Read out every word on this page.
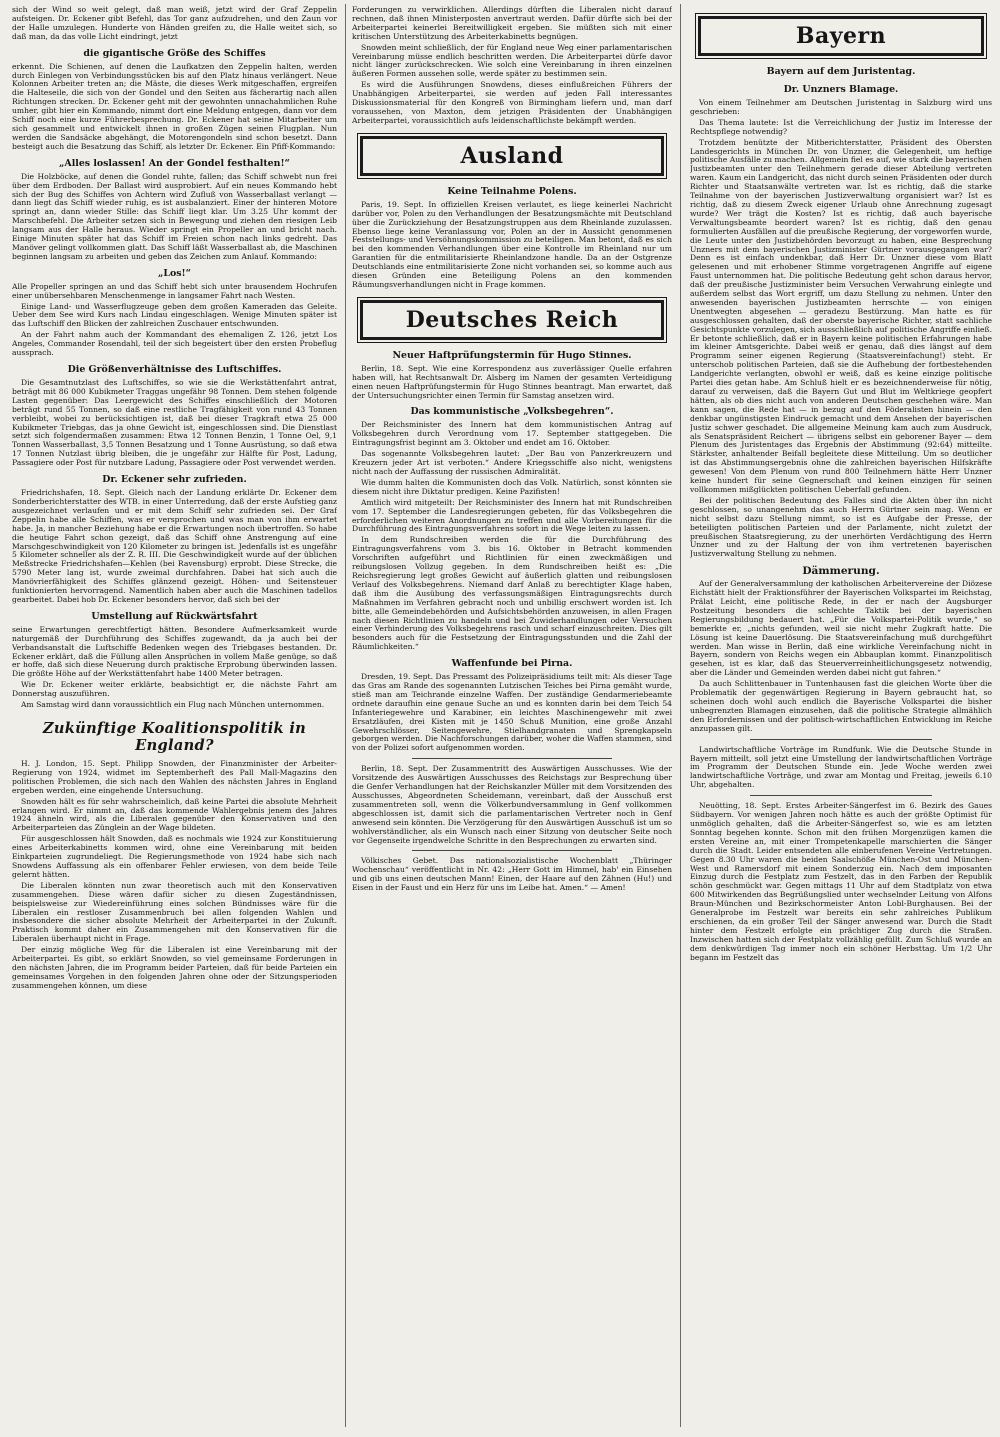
sich der Wind so weit gelegt, daß man weiß, jetzt wird der Graf Zeppelin aufsteigen. Dr. Eckener gibt Befehl, das Tor ganz aufzudrehen, und den Zaun vor der Halle umzulegen. Hunderte von Händen greifen zu, die Halle weitet sich, so daß man, da das volle Licht eindringt, jetzt

die gigantische Größe des Schiffes

erkennt. Die Schienen, auf denen die Laufkatzen den Zeppelin halten, werden durch Einlegen von Verbindungsstücken bis auf den Platz hinaus verlängert. Neue Kolonnen Arbeiter treten an; die Mäste, die dieses Werk mitgeschaffen, ergreifen die Halteseile, die sich von der Gondel und den Seiten aus fächerartig nach allen Richtungen strecken. Dr. Eckener geht mit der gewohnten unnachahmlichen Ruhe umher, gibt hier ein Kommando, nimmt dort eine Meldung entgegen, dann vor dem Schiff noch eine kurze Führerbesprechung. Dr. Eckener hat seine Mitarbeiter um sich gesammelt und entwickelt ihnen in großen Zügen seinen Flugplan. Nun werden die Sandsäcke abgehängt, die Motorengondeln sind schon besetzt. Dann besteigt auch die Besatzung das Schiff, als letzter Dr. Eckener. Ein Pfiff-Kommando:

„Alles loslassen! An der Gondel festhalten!“

Die Holzböcke, auf denen die Gondel ruhte, fallen; das Schiff schwebt nun frei über dem Erdboden. Der Ballast wird ausprobiert. Auf ein neues Kommando hebt sich der Bug des Schiffes von Achtern wird Zufluß von Wasserballast verlangt — dann liegt das Schiff wieder ruhig, es ist ausbalanziert. Einer der hinteren Motore springt an, dann wieder Stille: das Schiff liegt klar. Um 3.25 Uhr kommt der Marschbefehl. Die Arbeiter setzen sich in Bewegung und ziehen den riesigen Leib langsam aus der Halle heraus. Wieder springt ein Propeller an und bricht nach. Einige Minuten später hat das Schiff im Freien schon nach links gedreht. Das Manöver gelingt vollkommen glatt. Das Schiff läßt Wasserballast ab, die Maschinen beginnen langsam zu arbeiten und geben das Zeichen zum Anlauf. Kommando:

„Los!“

Alle Propeller springen an und das Schiff hebt sich unter brausendem Hochrufen einer unübersehbaren Menschenmenge in langsamer Fahrt nach Westen.

Einige Land- und Wasserflugzeuge geben dem großen Kameraden das Geleite. Ueber dem See wird Kurs nach Lindau eingeschlagen. Wenige Minuten später ist das Luftschiff den Blicken der zahlreichen Zuschauer entschwunden.

An der Fahrt nahm auch der Kommandant des ehemaligen Z. 126, jetzt Los Angeles, Commander Rosendahl, teil der sich begeistert über den ersten Probeflug aussprach.

Die Größenverhältnisse des Luftschiffes.

Die Gesamtnutzlast des Luftschiffes, so wie sie die Werkstättenfahrt antrat, beträgt mit 86 000 Kubikmeter Traggas ungefähr 98 Tonnen. Dem stehen folgende Lasten gegenüber: Das Leergewicht des Schiffes einschließlich der Motoren beträgt rund 55 Tonnen, so daß eine restliche Tragfähigkeit von rund 43 Tonnen verbleibt, wobei zu berücksichtigen ist, daß bei dieser Tragkraft etwa 25 000 Kubikmeter Triebgas, das ja ohne Gewicht ist, eingeschlossen sind. Die Dienstlast setzt sich folgendermaßen zusammen: Etwa 12 Tonnen Benzin, 1 Tonne Oel, 9,1 Tonnen Wasserballast, 3,5 Tonnen Besatzung und 1 Tonne Ausrüstung, so daß etwa 17 Tonnen Nutzlast übrig bleiben, die je ungefähr zur Hälfte für Post, Ladung, Passagiere oder Post für nutzbare Ladung, Passagiere oder Post verwendet werden.

Dr. Eckener sehr zufrieden.

Friedrichshafen, 18. Sept. Gleich nach der Landung erklärte Dr. Eckener dem Sonderberichterstatter des WTB. in einer Unterredung, daß der erste Aufstieg ganz ausgezeichnet verlaufen und er mit dem Schiff sehr zufrieden sei. Der Graf Zeppelin habe alle Schiffen, was er versprochen und was man von ihm erwartet habe. Ja, in mancher Beziehung habe er die Erwartungen noch übertroffen. So habe die heutige Fahrt schon gezeigt, daß das Schiff ohne Anstrengung auf eine Marschgeschwindigkeit von 120 Kilometer zu bringen ist. Jedenfalls ist es ungefähr 5 Kilometer schneller als der Z. R. III. Die Geschwindigkeit wurde auf der üblichen Meßstrecke Friedrichshafen—Kehlen (bei Ravensburg) erprobt. Diese Strecke, die 5790 Meter lang ist, wurde zweimal durchfahren. Dabei hat sich auch die Manövrierfähigkeit des Schiffes glänzend gezeigt. Höhen- und Seitensteuer funktionierten hervorragend. Namentlich haben aber auch die Maschinen tadellos gearbeitet. Dabei hob Dr. Eckener besonders hervor, daß sich bei der

Umstellung auf Rückwärtsfahrt

seine Erwartungen gerechtfertigt hätten. Besondere Aufmerksamkeit wurde naturgemäß der Durchführung des Schiffes zugewandt, da ja auch bei der Verbandsanstalt die Luftschiffe Bedenken wegen des Triebgases bestanden. Dr. Eckener erklärt, daß die Füllung allen Ansprüchen in vollem Maße genüge, so daß er hoffe, daß sich diese Neuerung durch praktische Erprobung überwinden lassen. Die größte Höhe auf der Werkstättenfahrt habe 1400 Meter betragen.

Wie Dr. Eckener weiter erklärte, beabsichtigt er, die nächste Fahrt am Donnerstag auszuführen.

Am Samstag wird dann voraussichtlich ein Flug nach München unternommen.

Zukünftige Koalitionspolitik in England?

H. J. London, 15. Sept. Philipp Snowden, der Finanzminister der Arbeiter-Regierung von 1924, widmet im Septemberheft des Pall Mall-Magazins den politischen Problemen, die sich nach den Wahlen des nächsten Jahres in England ergeben werden, eine eingehende Untersuchung.

Snowden hält es für sehr wahrscheinlich, daß keine Partei die absolute Mehrheit erlangen wird. Er nimmt an, daß das kommende Wahlergebnis jenem des Jahres 1924 ähneln wird, als die Liberalen gegenüber den Konservativen und den Arbeiterparteien das Zünglein an der Wage bildeten.

Für ausgeschlossen hält Snowden, daß es nochmals wie 1924 zur Konstituierung eines Arbeiterkabinetts kommen wird, ohne eine Vereinbarung mit beiden Einkparteien zugrundeliegt. Die Regierungsmethode von 1924 habe sich nach Snowdens Auffassung als ein offenbarer Fehler erwiesen, von dem beide Teile gelernt hätten.

Die Liberalen könnten nun zwar theoretisch auch mit den Konservativen zusammengehen. Diese wären dafür sicher zu diesen Zugeständnissen, beispielsweise zur Wiedereinführung eines solchen Bündnisses wäre für die Liberalen ein restloser Zusammenbruch bei allen folgenden Wahlen und insbesondere die sicher absolute Mehrheit der Arbeiterpartei in der Zukunft. Praktisch kommt daher ein Zusammengehen mit den Konservativen für die Liberalen überhaupt nicht in Frage.

Der einzig mögliche Weg für die Liberalen ist eine Vereinbarung mit der Arbeiterpartei. Es gibt, so erklärt Snowden, so viel gemeinsame Forderungen in den nächsten Jahren, die im Programm beider Parteien, daß für beide Parteien ein gemeinsames Vorgehen in den folgenden Jahren ohne oder der Sitzungsperioden zusammengehen können, um diese

Forderungen zu verwirklichen. Allerdings dürften die Liberalen nicht darauf rechnen, daß ihnen Ministerposten anvertraut werden. Dafür dürfte sich bei der Arbeiterpartei keinerlei Bereitwilligkeit ergeben. Sie müßten sich mit einer kritischen Unterstützung des Arbeiterkabinetts begnügen.

Snowden meint schließlich, der für England neue Weg einer parlamentarischen Vereinbarung müsse endlich beschritten werden. Die Arbeiterpartei dürfe davor nicht länger zurückschrecken. Wie solch eine Vereinbarung in ihren einzelnen äußeren Formen aussehen solle, werde später zu bestimmen sein.

Es wird die Ausführungen Snowdens, dieses einflußreichen Führers der Unabhängigen Arbeiterpartei, sie werden auf jeden Fall interessantes Diskussionsmaterial für den Kongreß von Birmingham liefern und, man darf voraussehen, von Maxton, dem jetzigen Präsidenten der Unabhängigen Arbeiterpartei, voraussichtlich aufs leidenschaftlichste bekämpft werden.

Ausland
Keine Teilnahme Polens.

Paris, 19. Sept. In offiziellen Kreisen verlautet, es liege keinerlei Nachricht darüber vor, Polen zu den Verhandlungen der Besatzungsmächte mit Deutschland über die Zurückziehung der Besatzungstruppen aus dem Rheinlande zuzulassen. Ebenso liege keine Veranlassung vor, Polen an der in Aussicht genommenen Feststellungs- und Versöhnungskommission zu beteiligen. Man betont, daß es sich bei den kommenden Verhandlungen über eine Kontrolle im Rheinland nur um Garantien für die entmilitarisierte Rheinlandzone handle. Da an der Ostgrenze Deutschlands eine entmilitarisierte Zone nicht vorhanden sei, so komme auch aus diesen Gründen eine Beteiligung Polens an den kommenden Räumungsverhandlungen nicht in Frage kommen.

Deutsches Reich
Neuer Haftprüfungstermin für Hugo Stinnes.

Berlin, 18. Sept. Wie eine Korrespondenz aus zuverlässiger Quelle erfahren haben will, hat Rechtsanwalt Dr. Alsberg im Namen der gesamten Verteidigung einen neuen Haftprüfungstermin für Hugo Stinnes beantragt. Man erwartet, daß der Untersuchungsrichter einen Termin für Samstag ansetzen wird.

Das kommunistische „Volksbegehren“.

Der Reichsminister des Innern hat dem kommunistischen Antrag auf Volksbegehren durch Verordnung vom 17. September stattgegeben. Die Eintragungsfrist beginnt am 3. Oktober und endet am 16. Oktober.

Das sogenannte Volksbegehren lautet: „Der Bau von Panzerkreuzern und Kreuzern jeder Art ist verboten.“ Andere Kriegsschiffe also nicht, wenigstens nicht nach der Auffassung der russischen Admiralität.

Wie dumm halten die Kommunisten doch das Volk. Natürlich, sonst könnten sie diesem nicht ihre Diktatur predigen. Keine Pazifisten!

Amtlich wird mitgeteilt: Der Reichsminister des Innern hat mit Rundschreiben vom 17. September die Landesregierungen gebeten, für das Volksbegehren die erforderlichen weiteren Anordnungen zu treffen und alle Vorbereitungen für die Durchführung des Eintragungsverfahrens sofort in die Wege leiten zu lassen.

In dem Rundschreiben werden die für die Durchführung des Eintragungsverfahrens vom 3. bis 16. Oktober in Betracht kommenden Vorschriften aufgeführt und Richtlinien für einen zweckmäßigen und reibungslosen Vollzug gegeben. In dem Rundschreiben heißt es: „Die Reichsregierung legt großes Gewicht auf äußerlich glatten und reibungslosen Verlauf des Volksbegehrens. Niemand darf Anlaß zu berechtigter Klage haben, daß ihm die Ausübung des verfassungsmäßigen Eintragungsrechts durch Maßnahmen im Verfahren gebracht noch und unbillig erschwert worden ist. Ich bitte, alle Gemeindebehörden und Aufsichtsbehörden anzuweisen, in allen Fragen nach diesen Richtlinien zu handeln und bei Zuwiderhandlungen oder Versuchen einer Verhinderung des Volksbegehrens rasch und scharf einzuschreiten. Dies gilt besonders auch für die Festsetzung der Eintragungsstunden und die Zahl der Räumlichkeiten.“

Waffenfunde bei Pirna.

Dresden, 19. Sept. Das Pressamt des Polizeipräsidiums teilt mit: Als dieser Tage das Gras am Rande des sogenannten Lutzischen Teiches bei Pirna gemäht wurde, stieß man am Teichrande einzelne Waffen. Der zuständige Gendarmeriebeamte ordnete daraufhin eine genaue Suche an und es konnten darin bei dem Teich 54 Infanteriegewehre und Karabiner, ein leichtes Maschinengewehr mit zwei Ersatzläufen, drei Kisten mit je 1450 Schuß Munition, eine große Anzahl Gewehrschlösser, Seitengewehre, Stielhandgranaten und Sprengkapseln geborgen werden. Die Nachforschungen darüber, woher die Waffen stammen, sind von der Polizei sofort aufgenommen worden.

Berlin, 18. Sept. Der Zusammentritt des Auswärtigen Ausschusses. Wie der Vorsitzende des Auswärtigen Ausschusses des Reichstags zur Besprechung über die Genfer Verhandlungen hat der Reichskanzler Müller mit dem Vorsitzenden des Ausschusses, Abgeordneten Scheidemann, vereinbart, daß der Ausschuß erst zusammentreten soll, wenn die Völkerbundversammlung in Genf vollkommen abgeschlossen ist, damit sich die parlamentarischen Vertreter noch in Genf anwesend sein könnten. Die Verzögerung für den Auswärtigen Ausschuß ist um so wohlverständlicher, als ein Wunsch nach einer Sitzung von deutscher Seite noch vor Gegenseite irgendwelche Schritte in den Besprechungen zu erwarten sind.

Völkisches Gebet. Das nationalsozialistische Wochenblatt „Thüringer Wochenschau“ veröffentlicht in Nr. 42: „Herr Gott im Himmel, hab' ein Einsehen und gib uns einen deutschen Mann! Einen, der Haare auf den Zähnen (Hu!) und Eisen in der Faust und ein Herz für uns im Leibe hat. Amen.“ — Amen!

Bayern
Bayern auf dem Juristentag.
Dr. Unzners Blamage.

Von einem Teilnehmer am Deutschen Juristentag in Salzburg wird uns geschrieben:

Das Thema lautete: Ist die Verreichlichung der Justiz im Interesse der Rechtspflege notwendig?

Trotzdem benützte der Mitberichterstatter, Präsident des Obersten Landesgerichts in München Dr. von Unzner, die Gelegenheit, um heftige politische Ausfälle zu machen. Allgemein fiel es auf, wie stark die bayerischen Justizbeamten unter den Teilnehmern gerade dieser Abteilung vertreten waren. Kaum ein Landgericht, das nicht durch seinen Präsidenten oder durch Richter und Staatsanwälte vertreten war. Ist es richtig, daß die starke Teilnahme von der bayerischen Justizverwaltung organisiert war? Ist es richtig, daß zu diesem Zweck eigener Urlaub ohne Anrechnung zugesagt wurde? Wer trägt die Kosten? Ist es richtig, daß auch bayerische Verwaltungsbeamte beordert waren? Ist es richtig, daß den genau formulierten Ausfällen auf die preußische Regierung, der vorgeworfen wurde, die Leute unter den Justizbehörden bevorzugt zu haben, eine Besprechung Unzners mit dem bayerischen Justizminister Gürtner vorausgegangen war? Denn es ist einfach undenkbar, daß Herr Dr. Unzner diese vom Blatt gelesenen und mit erhobener Stimme vorgetragenen Angriffe auf eigene Faust unternommen hat. Die politische Bedeutung geht schon daraus hervor, daß der preußische Justizminister beim Versuchen Verwahrung einlegte und außerdem selbst das Wort ergriff, um dazu Stellung zu nehmen. Unter den anwesenden bayerischen Justizbeamten herrschte — von einigen Unentwegten abgesehen — geradezu Bestürzung. Man hatte es für ausgeschlossen gehalten, daß der oberste bayerische Richter, statt sachliche Gesichtspunkte vorzulegen, sich ausschließlich auf politische Angriffe einließ. Er betonte schließlich, daß er in Bayern keine politischen Erfahrungen habe im kleiner Amtsgerichte. Dabei weiß er genau, daß dies längst auf dem Programm seiner eigenen Regierung (Staatsvereinfachung!) steht. Er unterschob politischen Parteien, daß sie die Aufhebung der fortbestehenden Landgerichte verlangten, obwohl er weiß, daß es keine einzige politische Partei dies getan habe. Am Schluß hielt er es bezeichnenderweise für nötig, darauf zu verweisen, daß die Bayern Gut und Blut im Weltkriege geopfert hätten, als ob dies nicht auch von anderen Deutschen geschehen wäre. Man kann sagen, die Rede hat — in bezug auf den Föderalisten hinein — den denkbar ungünstigsten Eindruck gemacht und dem Ansehen der bayerischen Justiz schwer geschadet. Die allgemeine Meinung kam auch zum Ausdruck, als Senatspräsident Reichert — übrigens selbst ein geborener Bayer — dem Plenum des Juristentages das Ergebnis der Abstimmung (92:64) mitteilte. Stärkster, anhaltender Beifall begleitete diese Mitteilung. Um so deutlicher ist das Abstimmungsergebnis ohne die zahlreichen bayerischen Hilfskräfte gewesen! Von dem Plenum von rund 800 Teilnehmern hätte Herr Unzner keine hundert für seine Gegnerschaft und keinen einzigen für seinen vollkommen mißglückten politischen Ueberfall gefunden.

Bei der politischen Bedeutung des Falles sind die Akten über ihn nicht geschlossen, so unangenehm das auch Herrn Gürtner sein mag. Wenn er nicht selbst dazu Stellung nimmt, so ist es Aufgabe der Presse, der beteiligten politischen Parteien und der Parlamente, nicht zuletzt der preußischen Staatsregierung, zu der unerhörten Verdächtigung des Herrn Unzner und zu der Haltung der von ihm vertretenen bayerischen Justizverwaltung Stellung zu nehmen.

Dämmerung.

Auf der Generalversammlung der katholischen Arbeitervereine der Diözese Eichstätt hielt der Fraktionsführer der Bayerischen Volkspartei im Reichstag, Prälat Leicht, eine politische Rede, in der er nach der Augsburger Postzeitung besonders die schlechte Taktik bei der bayerischen Regierungsbildung bedauert hat. „Für die Volkspartei-Politik wurde,“ so bemerkte er, „nichts gefunden, weil sie nicht mehr Zugkraft hatte. Die Lösung ist keine Dauerlösung. Die Staatsvereinfachung muß durchgeführt werden. Man wisse in Berlin, daß eine wirkliche Vereinfachung nicht in Bayern, sondern von Reichs wegen ein Abbauplan kommt. Finanzpolitisch gesehen, ist es klar, daß das Steuerverreinheitlichungsgesetz notwendig, aber die Länder und Gemeinden werden dabei nicht gut fahren.“

Da auch Schlittenbauer in Tuntenhausen fast die gleichen Worte über die Problematik der gegenwärtigen Regierung in Bayern gebraucht hat, so scheinen doch wohl auch endlich die Bayerische Volkspartei die bisher unbegrenzten Blamagen einzusehen, daß die politische Strategie allmählich den Erfordernissen und der politisch-wirtschaftlichen Entwicklung im Reiche anzupassen gilt.

Landwirtschaftliche Vorträge im Rundfunk. Wie die Deutsche Stunde in Bayern mitteilt, soll jetzt eine Umstellung der landwirtschaftlichen Vorträge im Programm der Deutschen Stunde ein. Jede Woche werden zwei landwirtschaftliche Vorträge, und zwar am Montag und Freitag, jeweils 6.10 Uhr, abgehalten.

Neuötting, 18. Sept. Erstes Arbeiter-Sängerfest im 6. Bezirk des Gaues Südbayern. Vor wenigen Jahren noch hätte es auch der größte Optimist für unmöglich gehalten, daß die Arbeiter-Sängerfest so, wie es am letzten Sonntag begehen konnte. Schon mit den frühen Morgenzügen kamen die ersten Vereine an, mit einer Trompetenkapelle marschierten die Sänger durch die Stadt. Leider entsendeten alle einberufenen Vereine Vertretungen. Gegen 8.30 Uhr waren die beiden Saalschöße München-Ost und München-West und Ramersdorf mit einem Sonderzug ein. Nach dem imposanten Einzug durch die Festplatz zum Festzelt, das in den Farben der Republik schön geschmückt war. Gegen mittags 11 Uhr auf dem Stadtplatz von etwa 600 Mitwirkenden das Begrüßungslied unter wechselnder Leitung von Alfons Braun-München und Bezirkschormeister Anton Lobl-Burghausen. Bei der Generalprobe im Festzelt war bereits ein sehr zahlreiches Publikum erschienen, da ein großer Teil der Sänger anwesend war. Durch die Stadt hinter dem Festzelt erfolgte ein prächtiger Zug durch die Straßen. Inzwischen hatten sich der Festplatz vollzählig gefüllt. Zum Schluß wurde an dem denkwürdigen Tag immer noch ein schöner Herbsttag. Um 1/2 Uhr begann im Festzelt das
